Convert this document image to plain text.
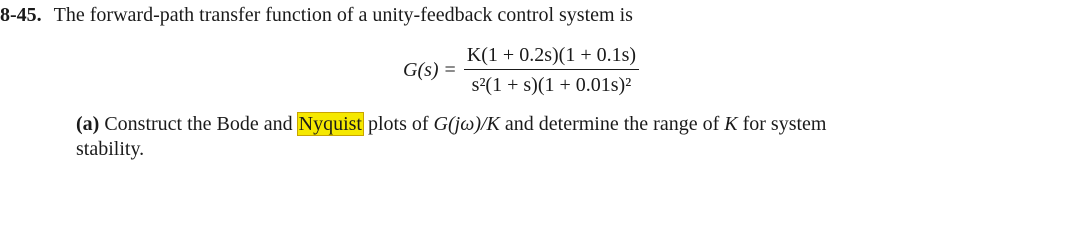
8-45. The forward-path transfer function of a unity-feedback control system is
$G(s) = \frac{K(1 + 0.2s)(1 + 0.1s)}{\text{s²(1 + s)(1 + 0.01s)²}}$
(a) Construct the Bode and Nyquist plots of G(jω)/K and determine the range of K for system
stability.
